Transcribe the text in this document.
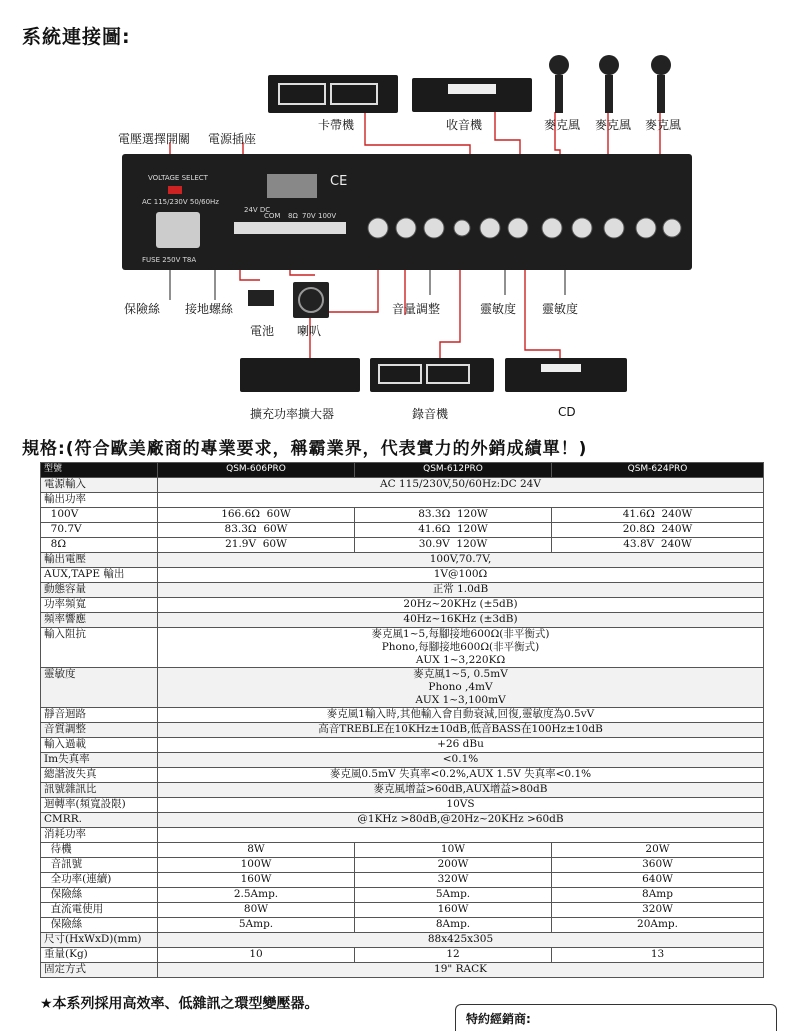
系統連接圖:
卡帶機	收音機	麥克風 麥克風 麥克風
電壓選擇開關 電源插座
VOLTAGE SELECT
AC 115/230V 50/60Hz
FUSE 250V T8A
CE
24V DC
COM 8Ω 70V 100V
保險絲 接地螺絲
電池 喇叭
音量調整	靈敏度 靈敏度
擴充功率擴大器	錄音機	CD
規格:(符合歐美廠商的專業要求，稱霸業界，代表實力的外銷成績單！)
型號	QSM-606PRO	QSM-612PRO	QSM-624PRO
電源輸入	AC 115/230V,50/60Hz:DC 24V		
輸出功率			
100V	166.6Ω 60W	83.3Ω 120W	41.6Ω 240W
70.7V	83.3Ω 60W	41.6Ω 120W	20.8Ω 240W
8Ω	21.9V 60W	30.9V 120W	43.8V 240W
輸出電壓	100V,70.7V,		
AUX,TAPE 輸出	1V@100Ω		
動態容量	正常 1.0dB		
功率頻寬	20Hz~20KHz (±5dB)		
頻率響應	40Hz~16KHz (±3dB)		
輸入阻抗	麥克風1~5,每腳接地600Ω(非平衡式)
Phono,每腳接地600Ω(非平衡式)
AUX 1~3,220KΩ		

靈敏度	麥克風1~5, 0.5mV
Phono ,4mV
AUX 1~3,100mV		

靜音迴路	麥克風1輸入時,其他輸入會自動衰減,回復,靈敏度為0.5vV		
音質調整	高音TREBLE在10KHz±10dB,低音BASS在100Hz±10dB		
輸入過載	+26 dBu		
Im失真率	<0.1%		
總諧波失真	麥克風0.5mV 失真率<0.2%,AUX 1.5V 失真率<0.1%		
訊號雜訊比	麥克風增益>60dB,AUX增益>80dB		
迴轉率(頻寬設限)	10VS		
CMRR.	@1KHz >80dB,@20Hz~20KHz >60dB		
消耗功率			
待機	8W	10W	20W
音訊號	100W	200W	360W
全功率(連續)	160W	320W	640W
保險絲	2.5Amp.	5Amp.	8Amp
直流電使用	80W	160W	320W
保險絲	5Amp.	8Amp.	20Amp.
尺寸(HxWxD)(mm)	88x425x305		
重量(Kg)	10	12	13
固定方式	19" RACK		
★本系列採用高效率、低雜訊之環型變壓器。
特約經銷商:
